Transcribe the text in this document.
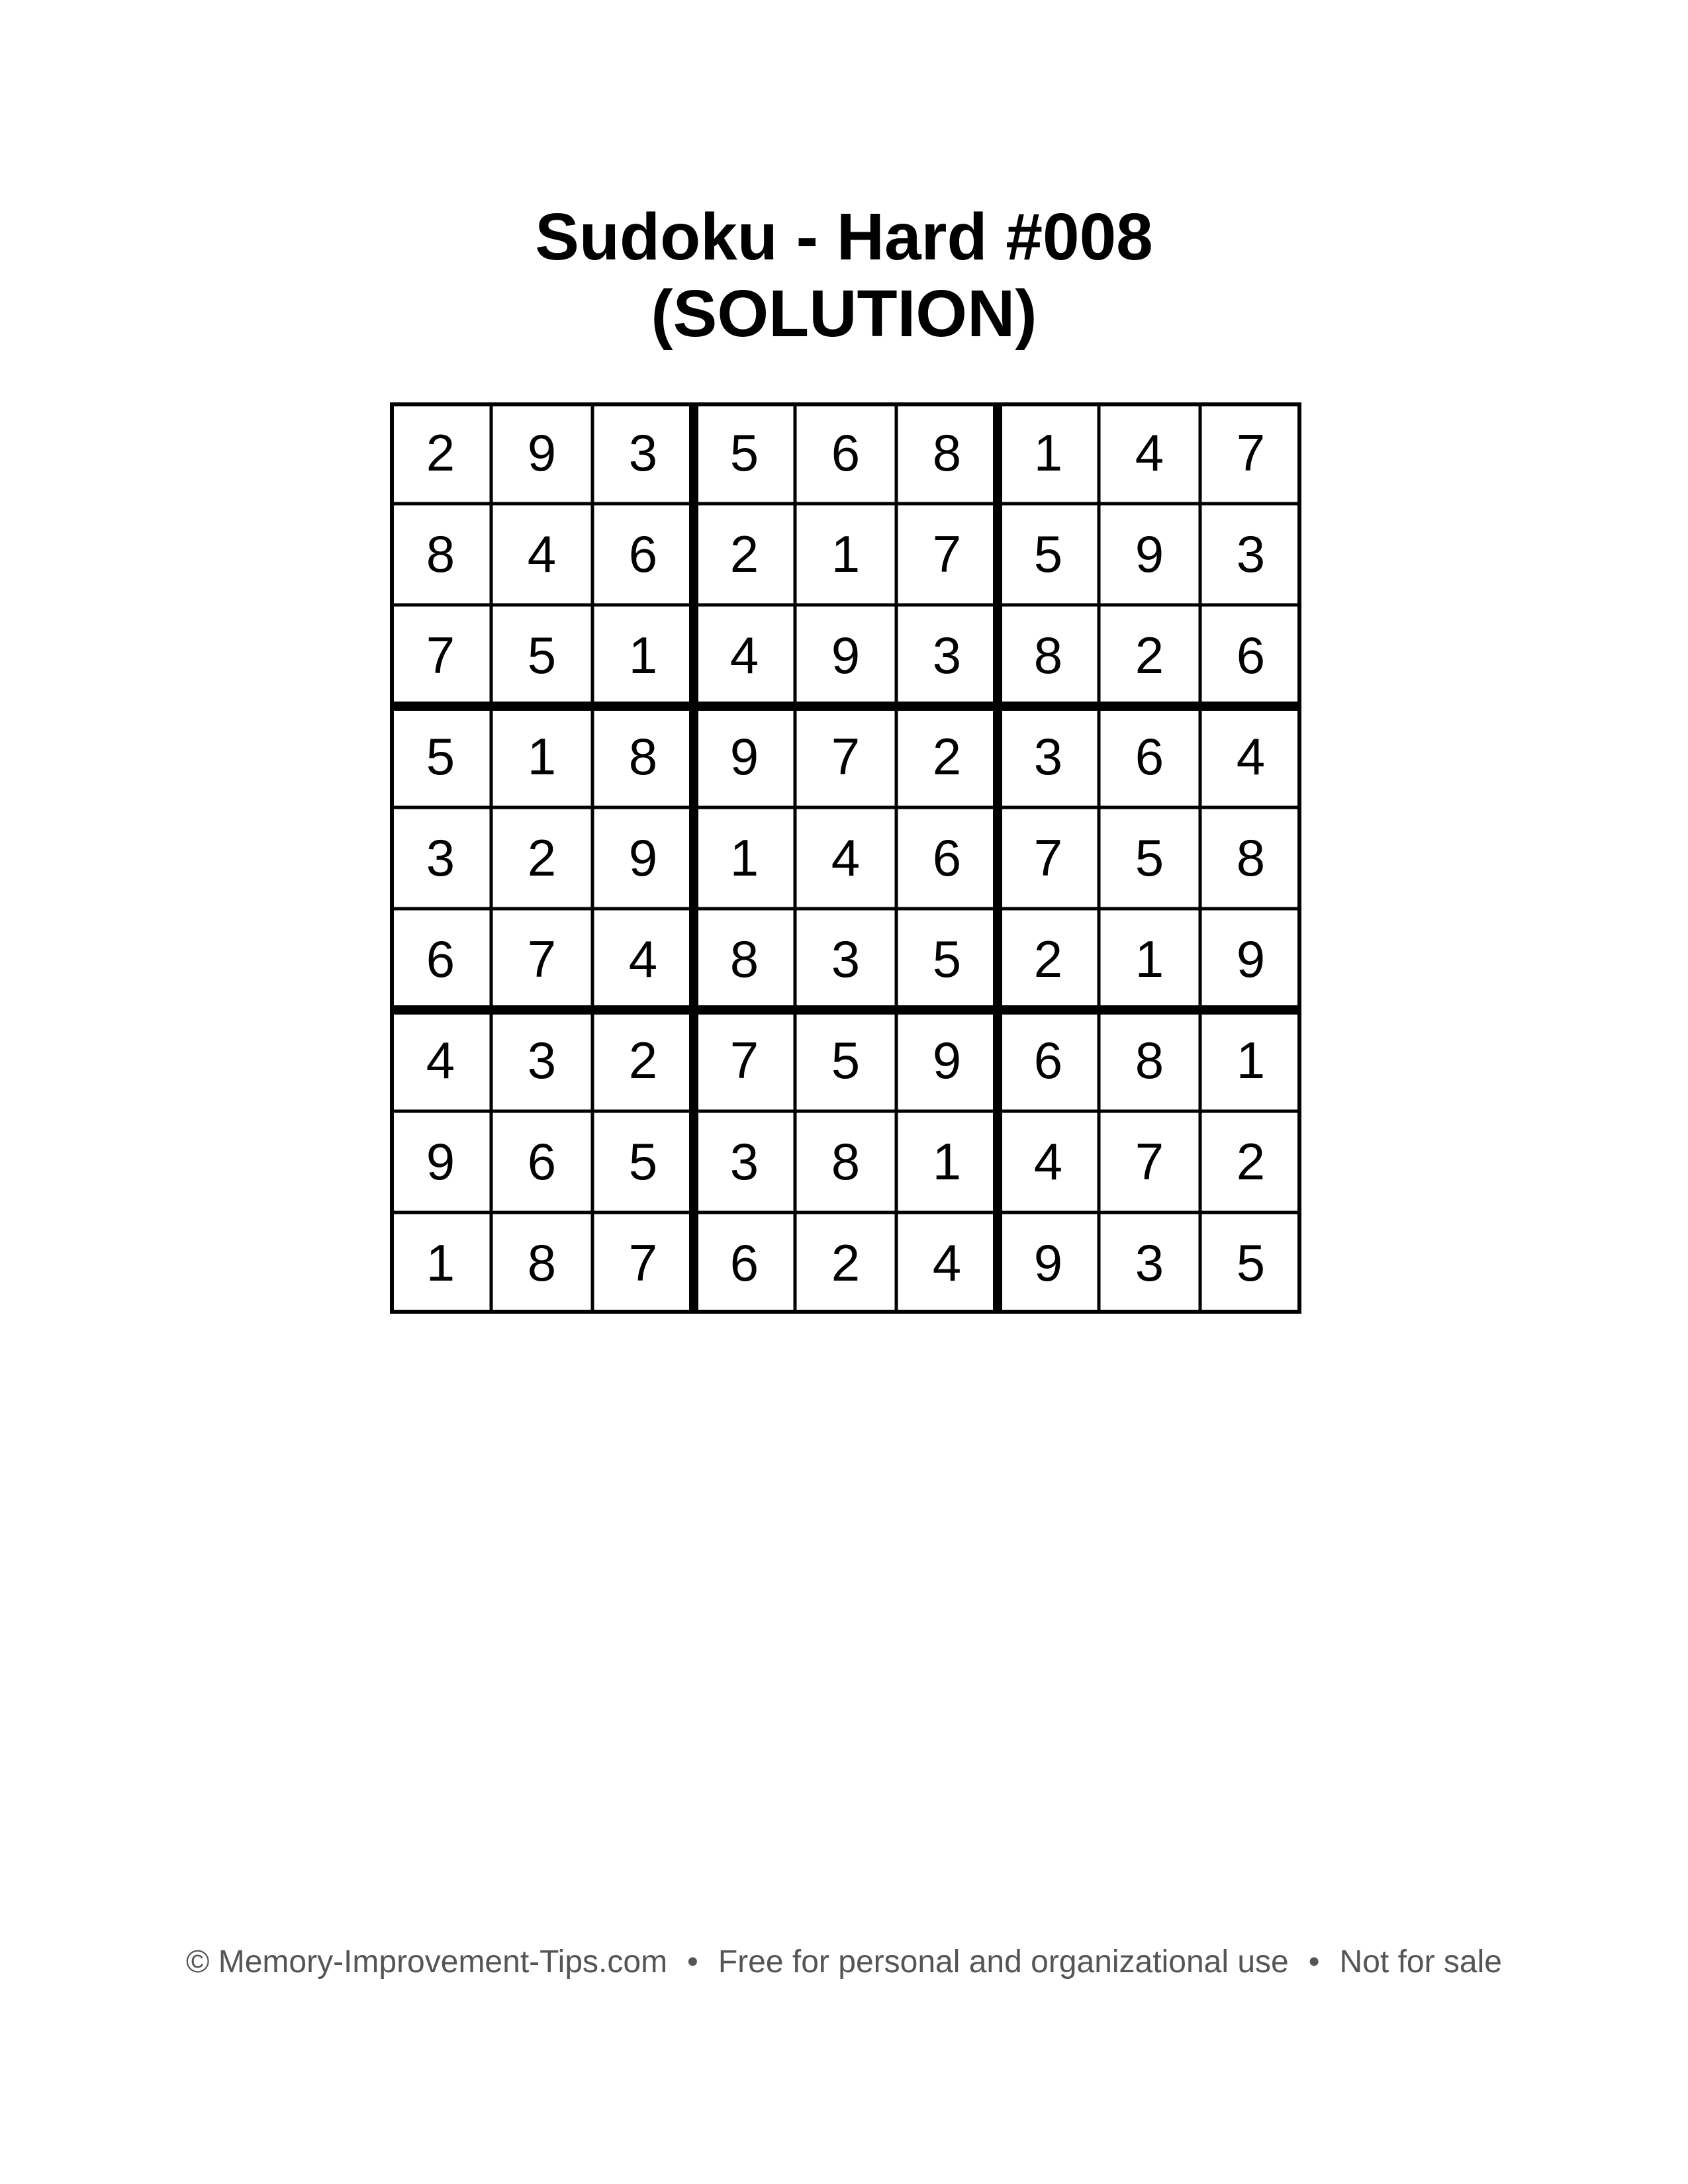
Sudoku - Hard #008
(SOLUTION)
2	9	3	5	6	8	1	4	7
8	4	6	2	1	7	5	9	3
7	5	1	4	9	3	8	2	6
5	1	8	9	7	2	3	6	4
3	2	9	1	4	6	7	5	8
6	7	4	8	3	5	2	1	9
4	3	2	7	5	9	6	8	1
9	6	5	3	8	1	4	7	2
1	8	7	6	2	4	9	3	5
© Memory-Improvement-Tips.com • Free for personal and organizational use • Not for sale
